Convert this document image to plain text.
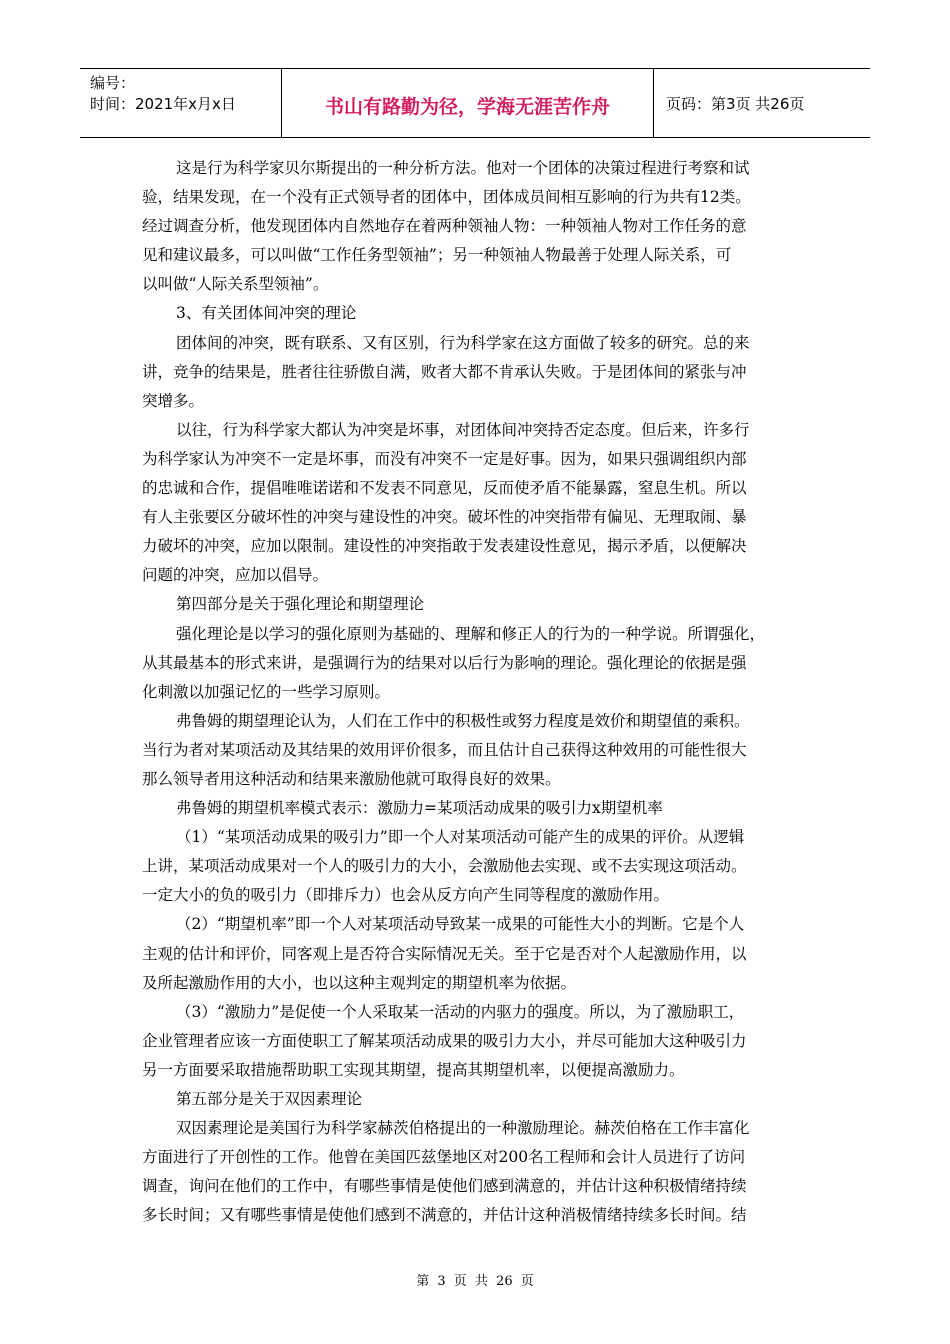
编号：
时间：2021年x月x日	书山有路勤为径，学海无涯苦作舟	页码：第3页 共26页
这是行为科学家贝尔斯提出的一种分析方法。他对一个团体的决策过程进行考察和试
验，结果发现，在一个没有正式领导者的团体中，团体成员间相互影响的行为共有12类。
经过调查分析，他发现团体内自然地存在着两种领袖人物：一种领袖人物对工作任务的意
见和建议最多，可以叫做“工作任务型领袖”；另一种领袖人物最善于处理人际关系，可
以叫做“人际关系型领袖”。
3、有关团体间冲突的理论
团体间的冲突，既有联系、又有区别，行为科学家在这方面做了较多的研究。总的来
讲，竞争的结果是，胜者往往骄傲自满，败者大都不肯承认失败。于是团体间的紧张与冲
突增多。
以往，行为科学家大都认为冲突是坏事，对团体间冲突持否定态度。但后来，许多行
为科学家认为冲突不一定是坏事，而没有冲突不一定是好事。因为，如果只强调组织内部
的忠诚和合作，提倡唯唯诺诺和不发表不同意见，反而使矛盾不能暴露，窒息生机。所以
有人主张要区分破坏性的冲突与建设性的冲突。破坏性的冲突指带有偏见、无理取闹、暴
力破坏的冲突，应加以限制。建设性的冲突指敢于发表建设性意见，揭示矛盾，以便解决
问题的冲突，应加以倡导。
第四部分是关于强化理论和期望理论
强化理论是以学习的强化原则为基础的、理解和修正人的行为的一种学说。所谓强化，
从其最基本的形式来讲，是强调行为的结果对以后行为影响的理论。强化理论的依据是强
化刺激以加强记忆的一些学习原则。
弗鲁姆的期望理论认为，人们在工作中的积极性或努力程度是效价和期望值的乘积。
当行为者对某项活动及其结果的效用评价很多，而且估计自己获得这种效用的可能性很大
那么领导者用这种活动和结果来激励他就可取得良好的效果。
弗鲁姆的期望机率模式表示：激励力=某项活动成果的吸引力x期望机率
（1）“某项活动成果的吸引力”即一个人对某项活动可能产生的成果的评价。从逻辑
上讲，某项活动成果对一个人的吸引力的大小，会激励他去实现、或不去实现这项活动。
一定大小的负的吸引力（即排斥力）也会从反方向产生同等程度的激励作用。
（2）“期望机率”即一个人对某项活动导致某一成果的可能性大小的判断。它是个人
主观的估计和评价，同客观上是否符合实际情况无关。至于它是否对个人起激励作用，以
及所起激励作用的大小，也以这种主观判定的期望机率为依据。
（3）“激励力”是促使一个人采取某一活动的内驱力的强度。所以，为了激励职工，
企业管理者应该一方面使职工了解某项活动成果的吸引力大小，并尽可能加大这种吸引力
另一方面要采取措施帮助职工实现其期望，提高其期望机率，以便提高激励力。
第五部分是关于双因素理论
双因素理论是美国行为科学家赫茨伯格提出的一种激励理论。赫茨伯格在工作丰富化
方面进行了开创性的工作。他曾在美国匹兹堡地区对200名工程师和会计人员进行了访问
调查，询问在他们的工作中，有哪些事情是使他们感到满意的，并估计这种积极情绪持续
多长时间；又有哪些事情是使他们感到不满意的，并估计这种消极情绪持续多长时间。结
第 3 页 共 26 页
